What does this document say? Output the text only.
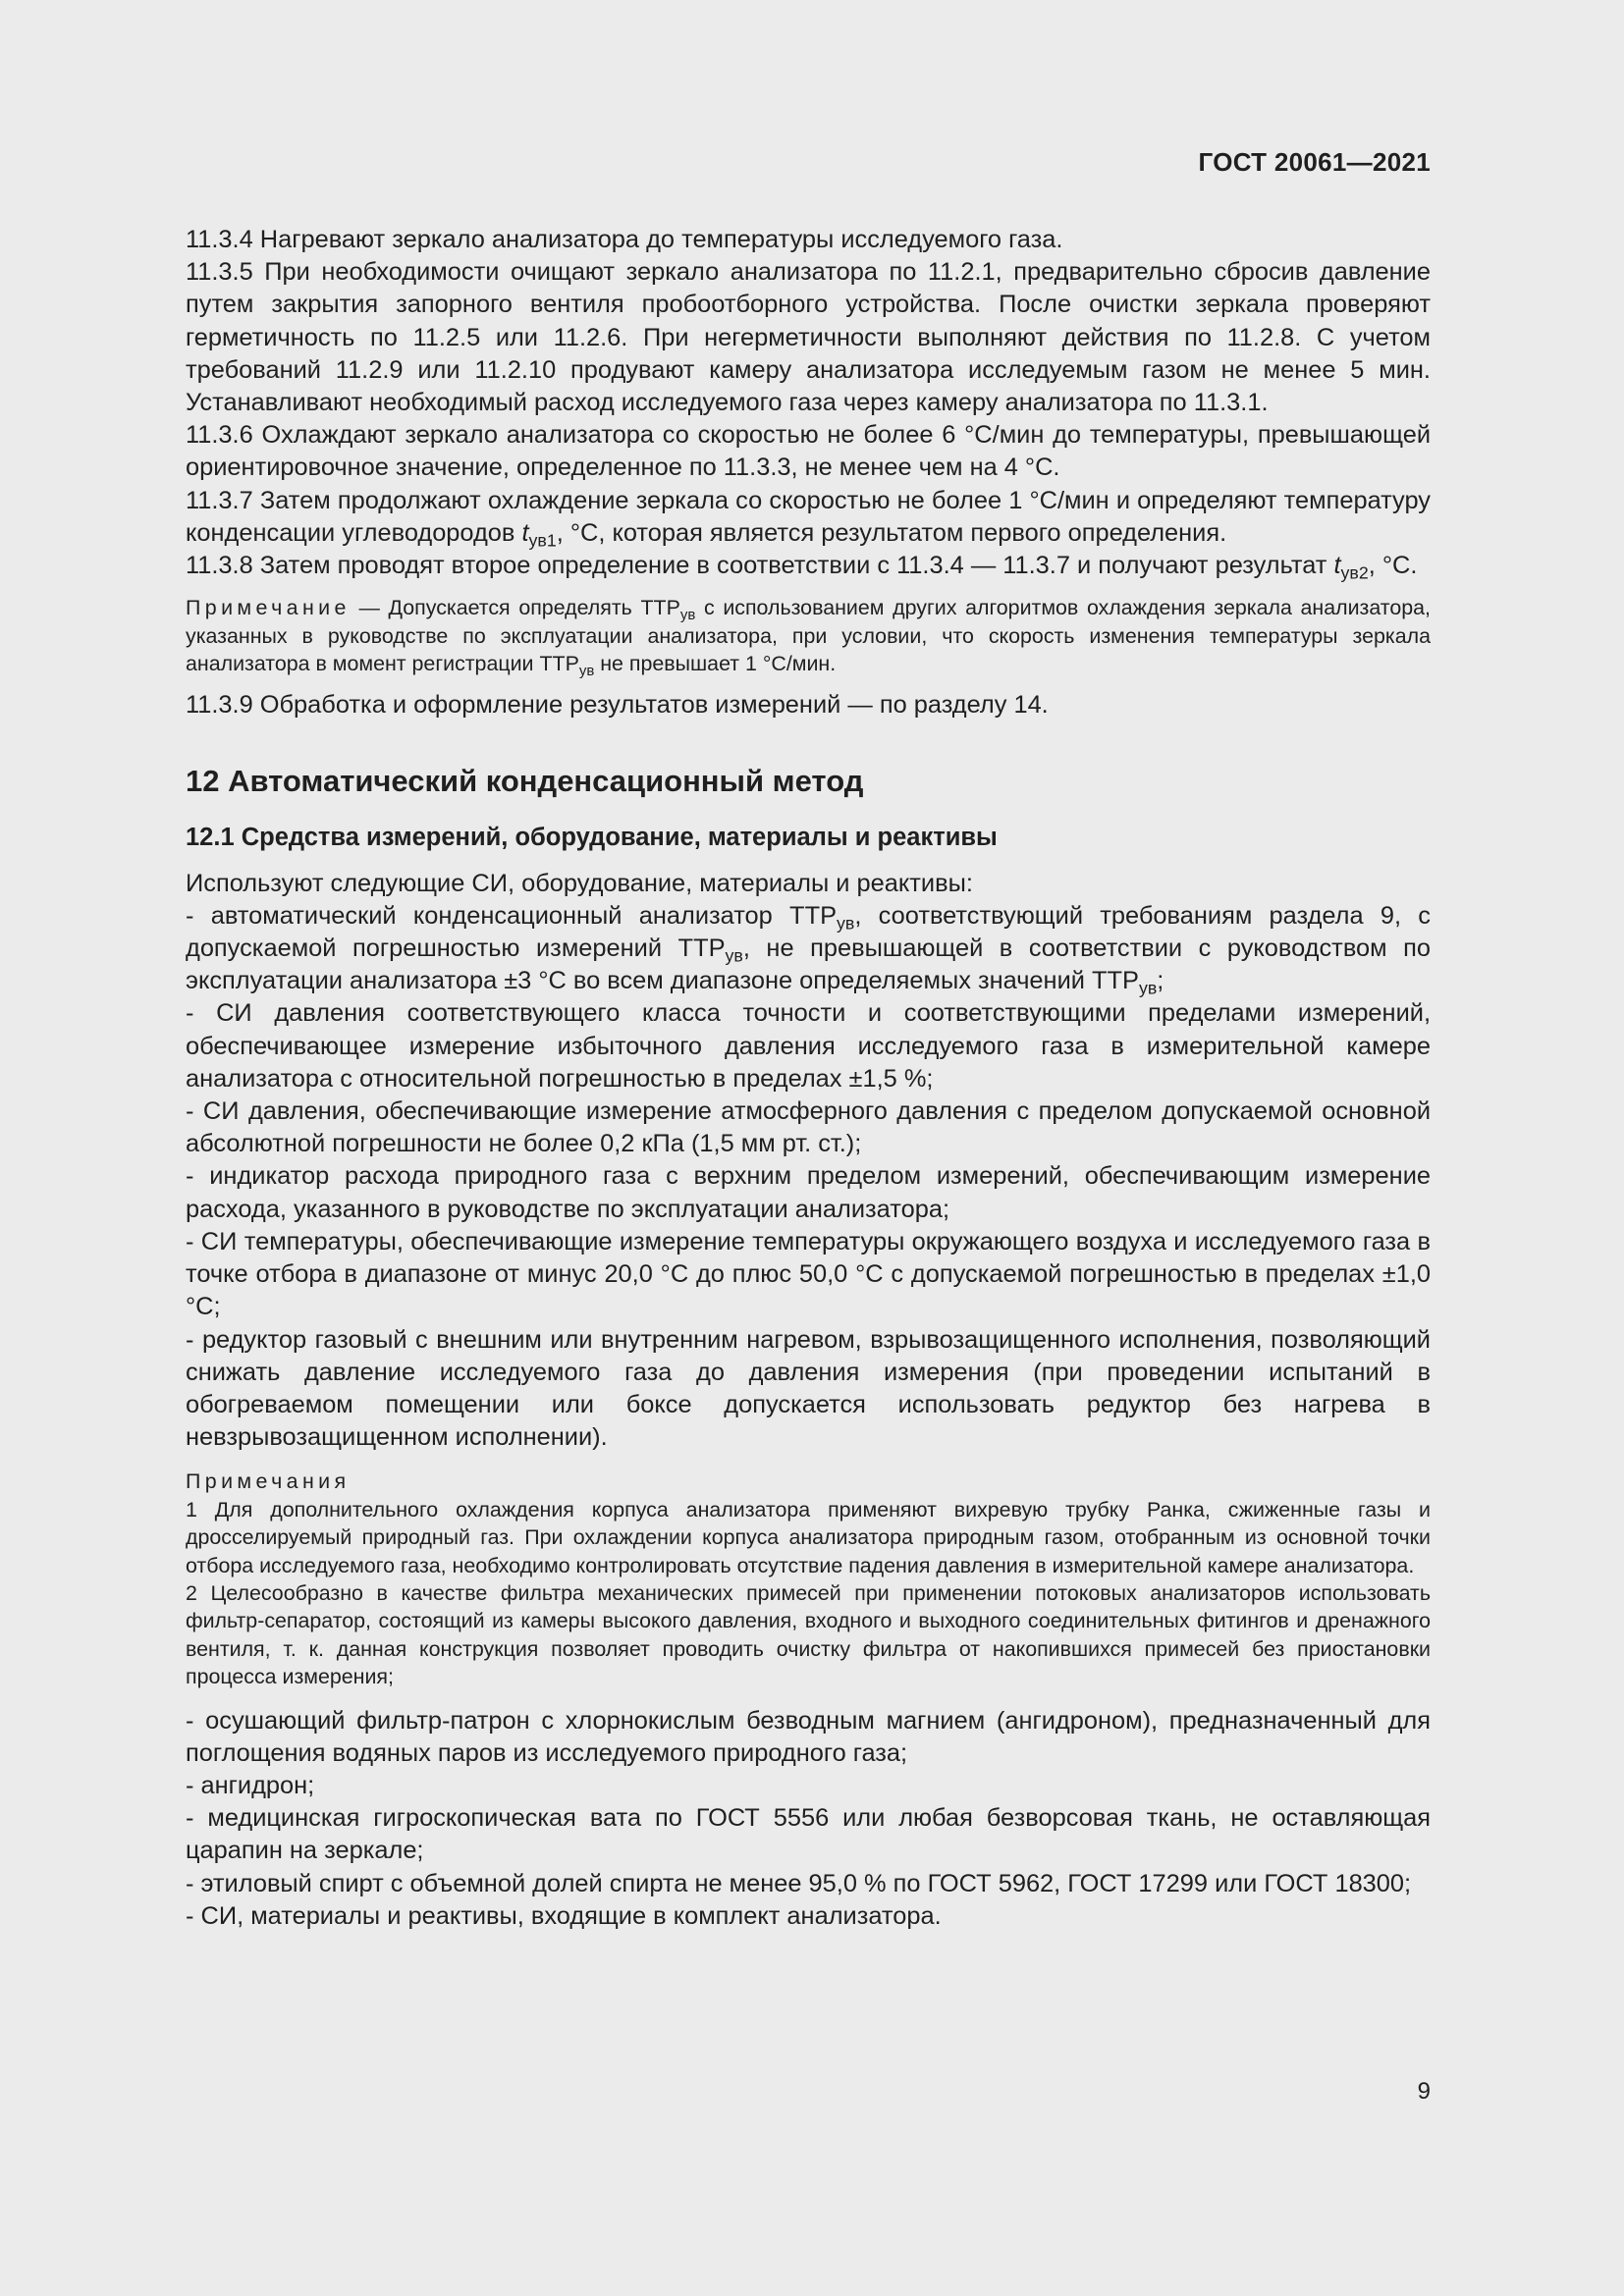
ГОСТ 20061—2021

11.3.4 Нагревают зеркало анализатора до температуры исследуемого газа.

11.3.5 При необходимости очищают зеркало анализатора по 11.2.1, предварительно сбросив давление путем закрытия запорного вентиля пробоотборного устройства. После очистки зеркала проверяют герметичность по 11.2.5 или 11.2.6. При негерметичности выполняют действия по 11.2.8. С учетом требований 11.2.9 или 11.2.10 продувают камеру анализатора исследуемым газом не менее 5 мин. Устанавливают необходимый расход исследуемого газа через камеру анализатора по 11.3.1.

11.3.6 Охлаждают зеркало анализатора со скоростью не более 6 °С/мин до температуры, превышающей ориентировочное значение, определенное по 11.3.3, не менее чем на 4 °С.

11.3.7 Затем продолжают охлаждение зеркала со скоростью не более 1 °С/мин и определяют температуру конденсации углеводородов $t_{ув1}$, °С, которая является результатом первого определения.

11.3.8 Затем проводят второе определение в соответствии с 11.3.4 — 11.3.7 и получают результат $t_{ув2}$, °С.

Примечание — Допускается определять $ТТР_{ув}$ с использованием других алгоритмов охлаждения зеркала анализатора, указанных в руководстве по эксплуатации анализатора, при условии, что скорость изменения температуры зеркала анализатора в момент регистрации $ТТР_{ув}$ не превышает 1 °С/мин.

11.3.9 Обработка и оформление результатов измерений — по разделу 14.

12 Автоматический конденсационный метод
12.1 Средства измерений, оборудование, материалы и реактивы

Используют следующие СИ, оборудование, материалы и реактивы:

- автоматический конденсационный анализатор $ТТР_{ув}$, соответствующий требованиям раздела 9, с допускаемой погрешностью измерений $ТТР_{ув}$, не превышающей в соответствии с руководством по эксплуатации анализатора ±3 °С во всем диапазоне определяемых значений $ТТР_{ув}$;

- СИ давления соответствующего класса точности и соответствующими пределами измерений, обеспечивающее измерение избыточного давления исследуемого газа в измерительной камере анализатора с относительной погрешностью в пределах ±1,5 %;

- СИ давления, обеспечивающие измерение атмосферного давления с пределом допускаемой основной абсолютной погрешности не более 0,2 кПа (1,5 мм рт. ст.);

- индикатор расхода природного газа с верхним пределом измерений, обеспечивающим измерение расхода, указанного в руководстве по эксплуатации анализатора;

- СИ температуры, обеспечивающие измерение температуры окружающего воздуха и исследуемого газа в точке отбора в диапазоне от минус 20,0 °С до плюс 50,0 °С с допускаемой погрешностью в пределах ±1,0 °С;

- редуктор газовый с внешним или внутренним нагревом, взрывозащищенного исполнения, позволяющий снижать давление исследуемого газа до давления измерения (при проведении испытаний в обогреваемом помещении или боксе допускается использовать редуктор без нагрева в невзрывозащищенном исполнении).

Примечания

1 Для дополнительного охлаждения корпуса анализатора применяют вихревую трубку Ранка, сжиженные газы и дросселируемый природный газ. При охлаждении корпуса анализатора природным газом, отобранным из основной точки отбора исследуемого газа, необходимо контролировать отсутствие падения давления в измерительной камере анализатора.

2 Целесообразно в качестве фильтра механических примесей при применении потоковых анализаторов использовать фильтр-сепаратор, состоящий из камеры высокого давления, входного и выходного соединительных фитингов и дренажного вентиля, т. к. данная конструкция позволяет проводить очистку фильтра от накопившихся примесей без приостановки процесса измерения;

- осушающий фильтр-патрон с хлорнокислым безводным магнием (ангидроном), предназначенный для поглощения водяных паров из исследуемого природного газа;

- ангидрон;

- медицинская гигроскопическая вата по ГОСТ 5556 или любая безворсовая ткань, не оставляющая царапин на зеркале;

- этиловый спирт с объемной долей спирта не менее 95,0 % по ГОСТ 5962, ГОСТ 17299 или ГОСТ 18300;

- СИ, материалы и реактивы, входящие в комплект анализатора.

9
